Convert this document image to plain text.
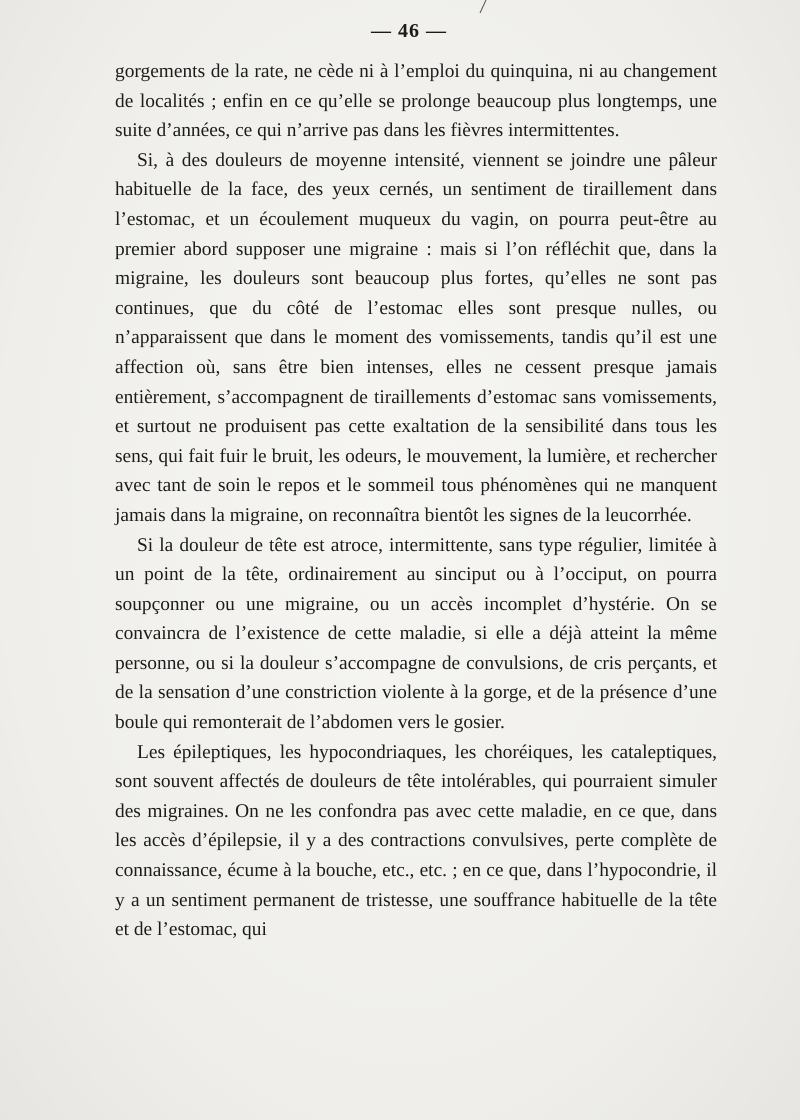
— 46 —

gorgements de la rate, ne cède ni à l’emploi du quinquina, ni au changement de localités ; enfin en ce qu’elle se prolonge beaucoup plus longtemps, une suite d’années, ce qui n’arrive pas dans les fièvres intermittentes.

Si, à des douleurs de moyenne intensité, viennent se joindre une pâleur habituelle de la face, des yeux cernés, un sentiment de tiraillement dans l’estomac, et un écoulement muqueux du vagin, on pourra peut-être au premier abord supposer une migraine : mais si l’on réfléchit que, dans la migraine, les douleurs sont beaucoup plus fortes, qu’elles ne sont pas continues, que du côté de l’estomac elles sont presque nulles, ou n’apparaissent que dans le moment des vomissements, tandis qu’il est une affection où, sans être bien intenses, elles ne cessent presque jamais entièrement, s’accompagnent de tiraillements d’estomac sans vomissements, et surtout ne produisent pas cette exaltation de la sensibilité dans tous les sens, qui fait fuir le bruit, les odeurs, le mouvement, la lumière, et rechercher avec tant de soin le repos et le sommeil tous phénomènes qui ne manquent jamais dans la migraine, on reconnaîtra bientôt les signes de la leucorrhée.

Si la douleur de tête est atroce, intermittente, sans type régulier, limitée à un point de la tête, ordinairement au sinciput ou à l’occiput, on pourra soupçonner ou une migraine, ou un accès incomplet d’hystérie. On se convaincra de l’existence de cette maladie, si elle a déjà atteint la même personne, ou si la douleur s’accompagne de convulsions, de cris perçants, et de la sensation d’une constriction violente à la gorge, et de la présence d’une boule qui remonterait de l’abdomen vers le gosier.

Les épileptiques, les hypocondriaques, les choréiques, les cataleptiques, sont souvent affectés de douleurs de tête intolérables, qui pourraient simuler des migraines. On ne les confondra pas avec cette maladie, en ce que, dans les accès d’épilepsie, il y a des contractions convulsives, perte complète de connaissance, écume à la bouche, etc., etc. ; en ce que, dans l’hypocondrie, il y a un sentiment permanent de tristesse, une souffrance habituelle de la tête et de l’estomac, qui
